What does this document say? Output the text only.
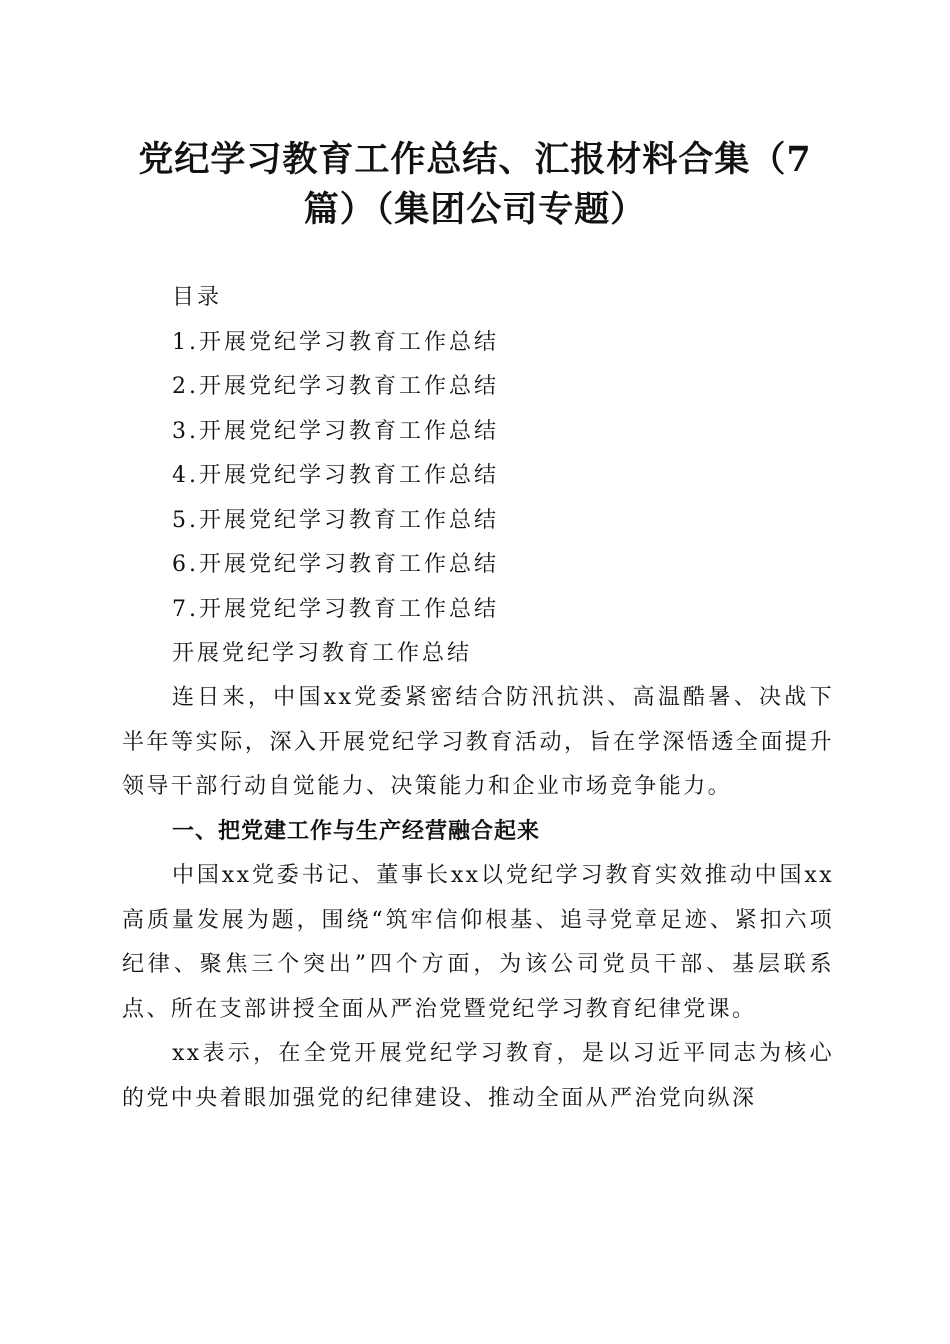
党纪学习教育工作总结、汇报材料合集（7
篇）（集团公司专题）
目录
1.开展党纪学习教育工作总结
2.开展党纪学习教育工作总结
3.开展党纪学习教育工作总结
4.开展党纪学习教育工作总结
5.开展党纪学习教育工作总结
6.开展党纪学习教育工作总结
7.开展党纪学习教育工作总结
开展党纪学习教育工作总结

连日来，中国xx党委紧密结合防汛抗洪、高温酷暑、决战下半年等实际，深入开展党纪学习教育活动，旨在学深悟透全面提升领导干部行动自觉能力、决策能力和企业市场竞争能力。

一、把党建工作与生产经营融合起来

中国xx党委书记、董事长xx以党纪学习教育实效推动中国xx高质量发展为题，围绕“筑牢信仰根基、追寻党章足迹、紧扣六项纪律、聚焦三个突出”四个方面，为该公司党员干部、基层联系点、所在支部讲授全面从严治党暨党纪学习教育纪律党课。

xx表示，在全党开展党纪学习教育，是以习近平同志为核心的党中央着眼加强党的纪律建设、推动全面从严治党向纵深
